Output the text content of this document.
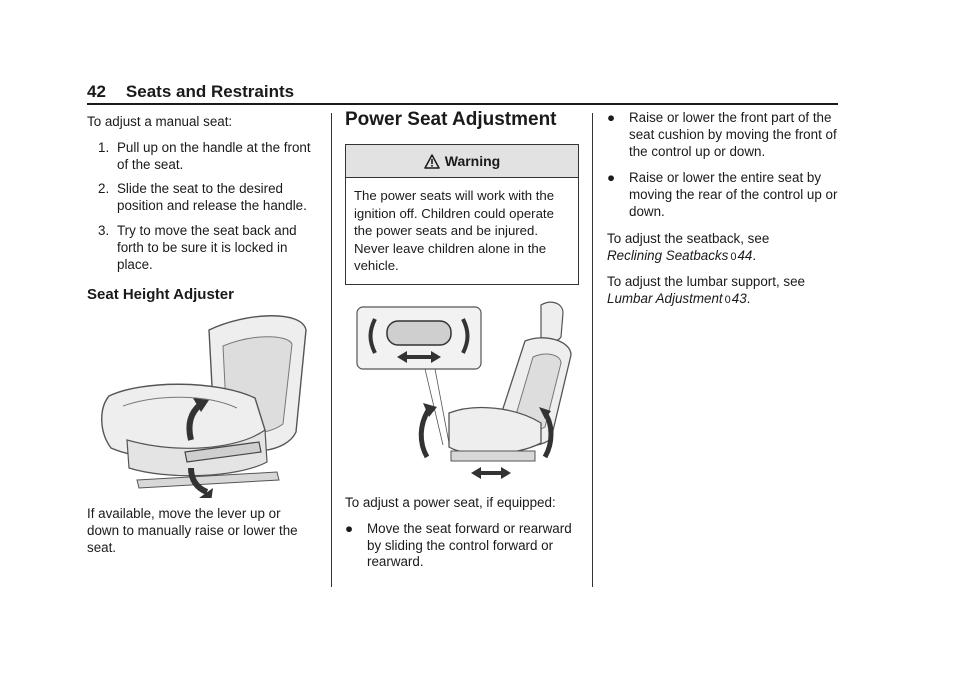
42 Seats and Restraints

To adjust a manual seat:

1. Pull up on the handle at the front of the seat.
2. Slide the seat to the desired position and release the handle.
3. Try to move the seat back and forth to be sure it is locked in place.
Seat Height Adjuster

If available, move the lever up or down to manually raise or lower the seat.

Power Seat Adjustment
Warning
The power seats will work with the ignition off. Children could operate the power seats and be injured. Never leave children alone in the vehicle.

To adjust a power seat, if equipped:

● Move the seat forward or rearward by sliding the control forward or rearward.
● Raise or lower the front part of the seat cushion by moving the front of the control up or down.
● Raise or lower the entire seat by moving the rear of the control up or down.

To adjust the seatback, see
Reclining Seatbacks 044.

To adjust the lumbar support, see
Lumbar Adjustment 043.
